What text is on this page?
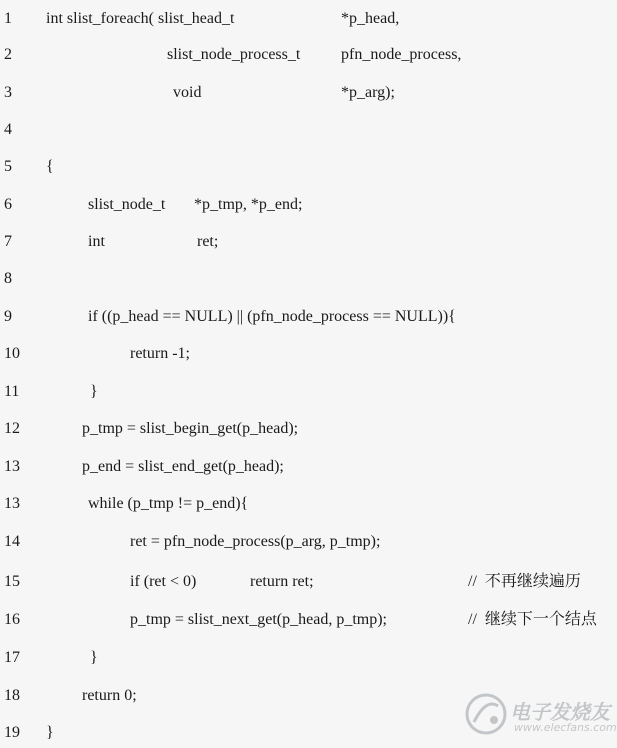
1	int slist_foreach( slist_head_t	*p_head,
2	slist_node_process_t	pfn_node_process,
3	void	*p_arg);
4
5	{
6	slist_node_t *p_tmp, *p_end;
7	int	ret;
8
9	if ((p_head == NULL) || (pfn_node_process == NULL)){
10	return -1;
11	}
12	p_tmp = slist_begin_get(p_head);
13	p_end = slist_end_get(p_head);
13	while (p_tmp != p_end){
14	ret = pfn_node_process(p_arg, p_tmp);
15	if (ret < 0)	return ret;	//  不再继续遍历
16	p_tmp = slist_next_get(p_head, p_tmp);	//  继续下一个结点
17	}
18	return 0;
19	}
电子发烧友
www.elecfans.com
